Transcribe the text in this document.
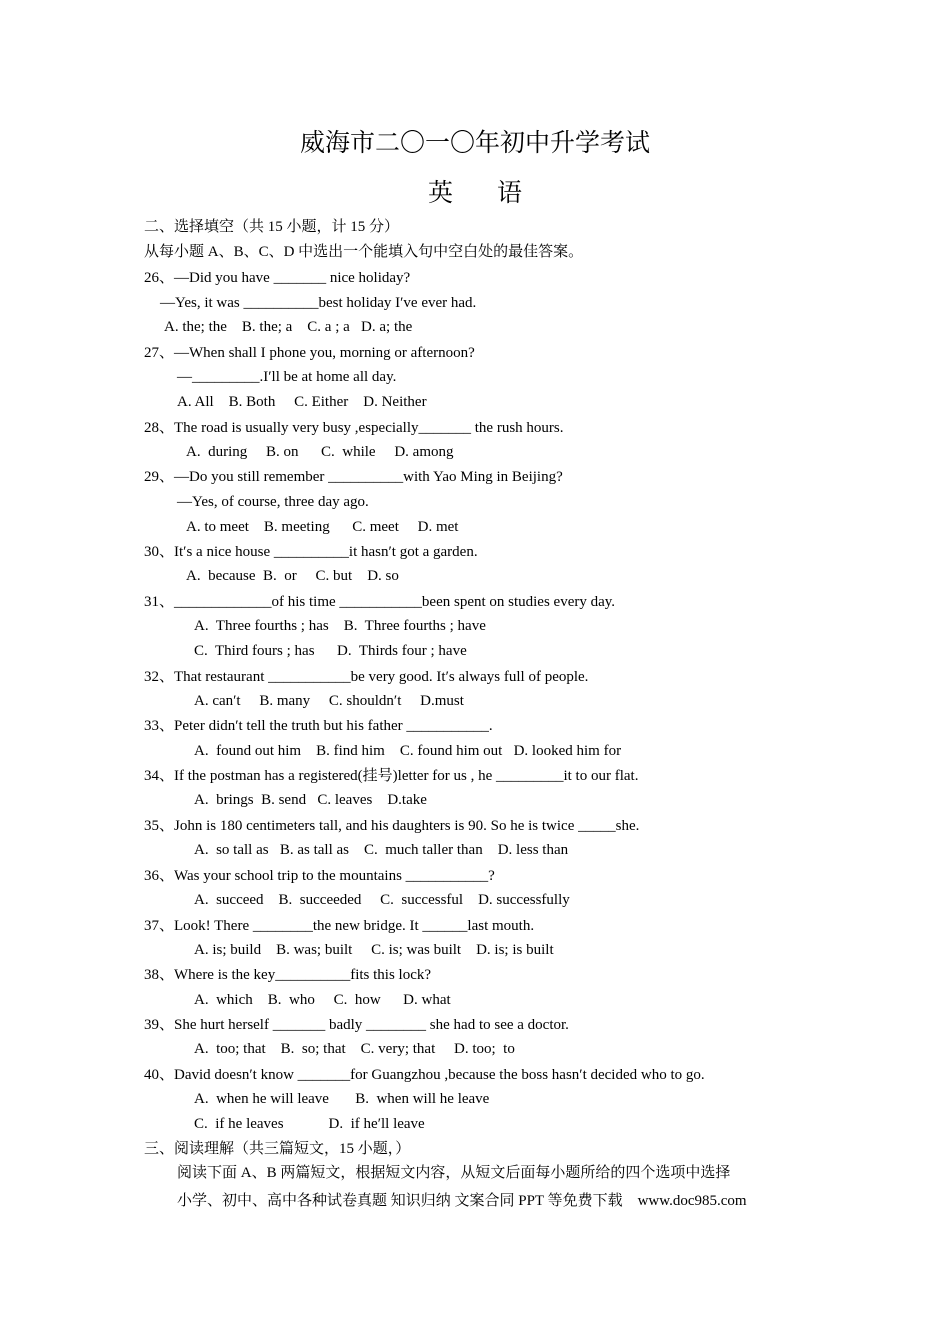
威海市二〇一〇年初中升学考试
英 语
二、选择填空（共 15 小题，计 15 分）
从每小题 A、B、C、D 中选出一个能填入句中空白处的最佳答案。
26、—Did you have _______ nice holiday?
—Yes, it was __________best holiday I′ve ever had.
A. the; the    B. the; a    C. a ; a   D. a; the
27、—When shall I phone you, morning or afternoon?
—_________.I′ll be at home all day.
A. All    B. Both     C. Either    D. Neither
28、The road is usually very busy ,especially_______ the rush hours.
A.  during     B. on      C.  while     D. among
29、—Do you still remember __________with Yao Ming in Beijing?
—Yes, of course, three day ago.
A. to meet    B. meeting      C. meet     D. met
30、It′s a nice house __________it hasn′t got a garden.
A.  because  B.  or     C. but    D. so
31、_____________of his time ___________been spent on studies every day.
A.  Three fourths ; has    B.  Three fourths ; have
C.  Third fours ; has      D.  Thirds four ; have
32、That restaurant ___________be very good. It′s always full of people.
A. can′t     B. many     C. shouldn′t     D.must
33、Peter didn′t tell the truth but his father ___________.
A.  found out him    B. find him    C. found him out   D. looked him for
34、If the postman has a registered(挂号)letter for us , he _________it to our flat.
A.  brings  B. send   C. leaves    D.take
35、John is 180 centimeters tall, and his daughters is 90. So he is twice _____she.
A.  so tall as   B. as tall as    C.  much taller than    D. less than
36、Was your school trip to the mountains ___________?
A.  succeed    B.  succeeded     C.  successful    D. successfully
37、Look! There ________the new bridge. It ______last mouth.
A. is; build    B. was; built     C. is; was built    D. is; is built
38、Where is the key__________fits this lock?
A.  which    B.  who     C.  how      D. what
39、She hurt herself _______ badly ________ she had to see a doctor.
A.  too; that    B.  so; that    C. very; that     D. too;  to
40、David doesn′t know _______for Guangzhou ,because the boss hasn′t decided who to go.
A.  when he will leave       B.  when will he leave
C.  if he leaves            D.  if he′ll leave
三、阅读理解（共三篇短文，15 小题，）
阅读下面 A、B 两篇短文，根据短文内容，从短文后面每小题所给的四个选项中选择
小学、初中、高中各种试卷真题 知识归纳 文案合同 PPT 等免费下载    www.doc985.com
